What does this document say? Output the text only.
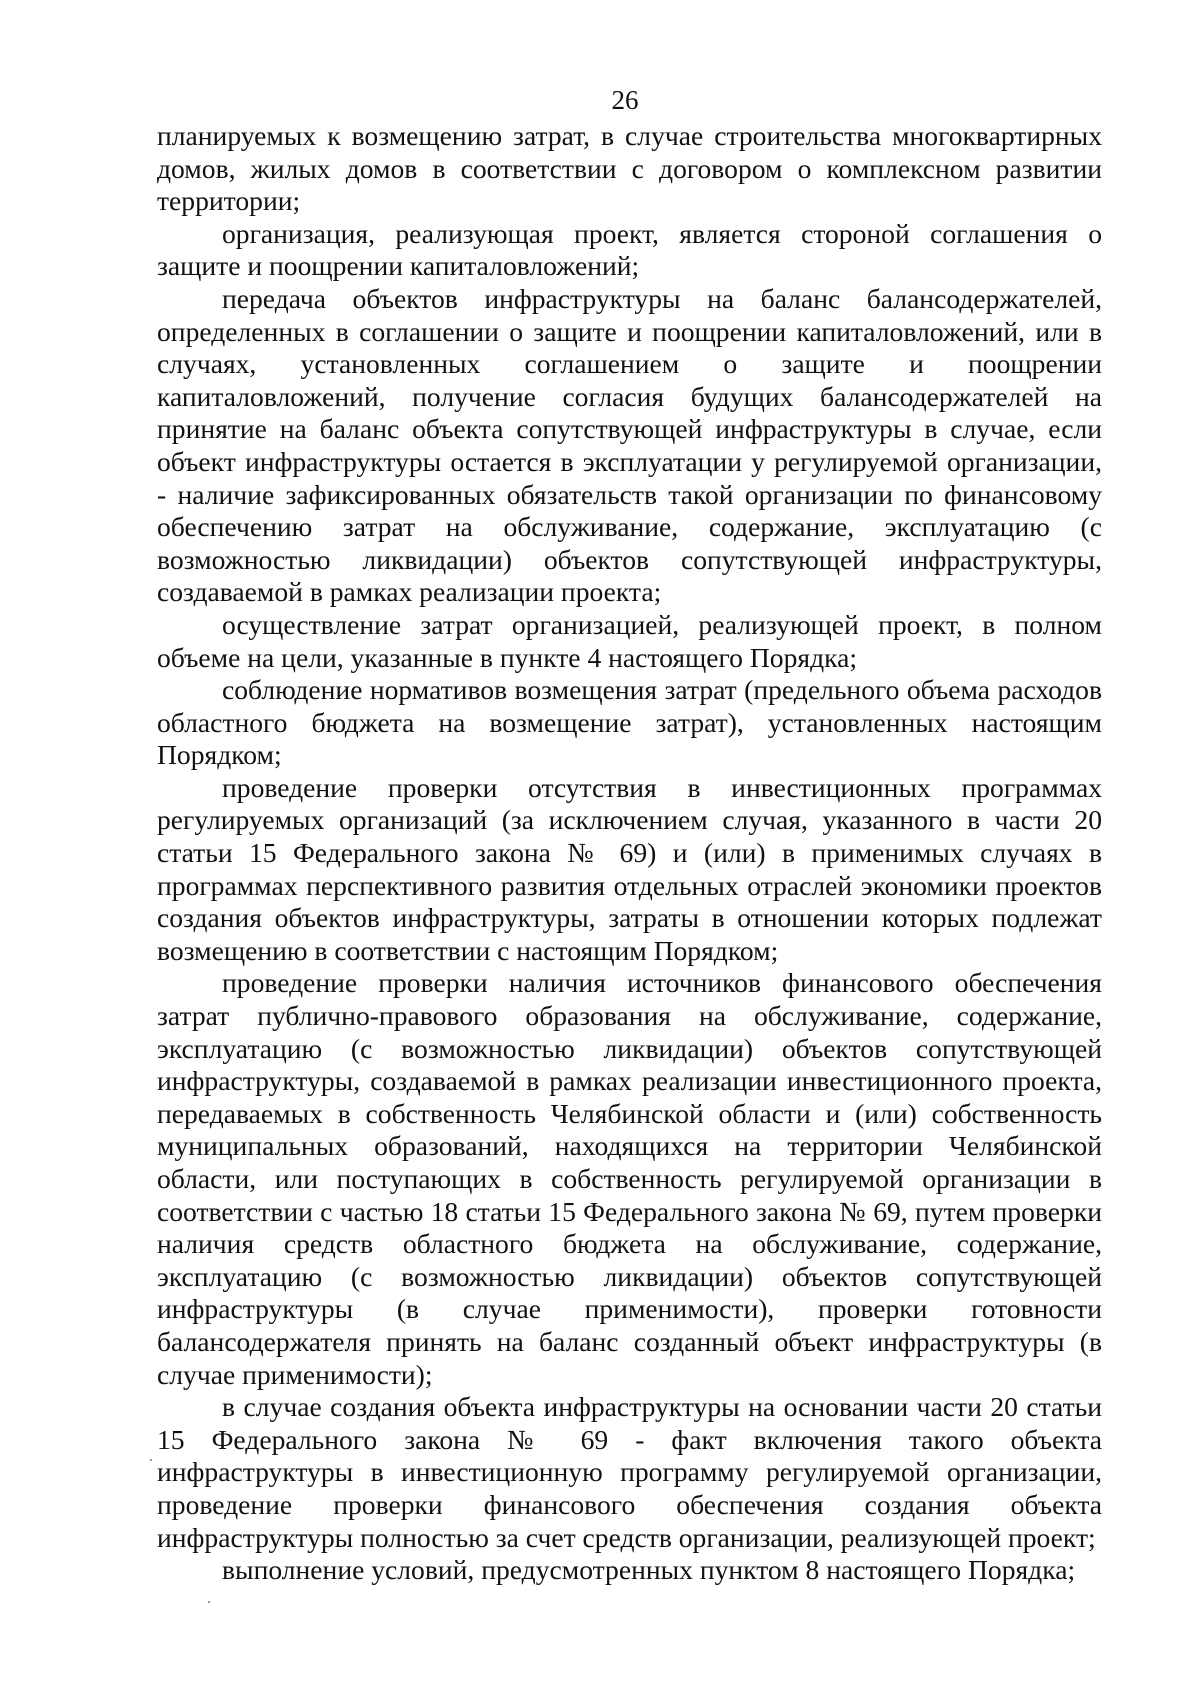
26

планируемых к возмещению затрат, в случае строительства многоквартирных домов, жилых домов в соответствии с договором о комплексном развитии территории;

организация, реализующая проект, является стороной соглашения о защите и поощрении капиталовложений;

передача объектов инфраструктуры на баланс балансодержателей, определенных в соглашении о защите и поощрении капиталовложений, или в случаях, установленных соглашением о защите и поощрении капиталовложений, получение согласия будущих балансодержателей на принятие на баланс объекта сопутствующей инфраструктуры в случае, если объект инфраструктуры остается в эксплуатации у регулируемой организации, - наличие зафиксированных обязательств такой организации по финансовому обеспечению затрат на обслуживание, содержание, эксплуатацию (с возможностью ликвидации) объектов сопутствующей инфраструктуры, создаваемой в рамках реализации проекта;

осуществление затрат организацией, реализующей проект, в полном объеме на цели, указанные в пункте 4 настоящего Порядка;

соблюдение нормативов возмещения затрат (предельного объема расходов областного бюджета на возмещение затрат), установленных настоящим Порядком;

проведение проверки отсутствия в инвестиционных программах регулируемых организаций (за исключением случая, указанного в части 20 статьи 15 Федерального закона № 69) и (или) в применимых случаях в программах перспективного развития отдельных отраслей экономики проектов создания объектов инфраструктуры, затраты в отношении которых подлежат возмещению в соответствии с настоящим Порядком;

проведение проверки наличия источников финансового обеспечения затрат публично-правового образования на обслуживание, содержание, эксплуатацию (с возможностью ликвидации) объектов сопутствующей инфраструктуры, создаваемой в рамках реализации инвестиционного проекта, передаваемых в собственность Челябинской области и (или) собственность муниципальных образований, находящихся на территории Челябинской области, или поступающих в собственность регулируемой организации в соответствии с частью 18 статьи 15 Федерального закона № 69, путем проверки наличия средств областного бюджета на обслуживание, содержание, эксплуатацию (с возможностью ликвидации) объектов сопутствующей инфраструктуры (в случае применимости), проверки готовности балансодержателя принять на баланс созданный объект инфраструктуры (в случае применимости);

в случае создания объекта инфраструктуры на основании части 20 статьи 15 Федерального закона № 69 - факт включения такого объекта инфраструктуры в инвестиционную программу регулируемой организации, проведение проверки финансового обеспечения создания объекта инфраструктуры полностью за счет средств организации, реализующей проект;

выполнение условий, предусмотренных пунктом 8 настоящего Порядка;
